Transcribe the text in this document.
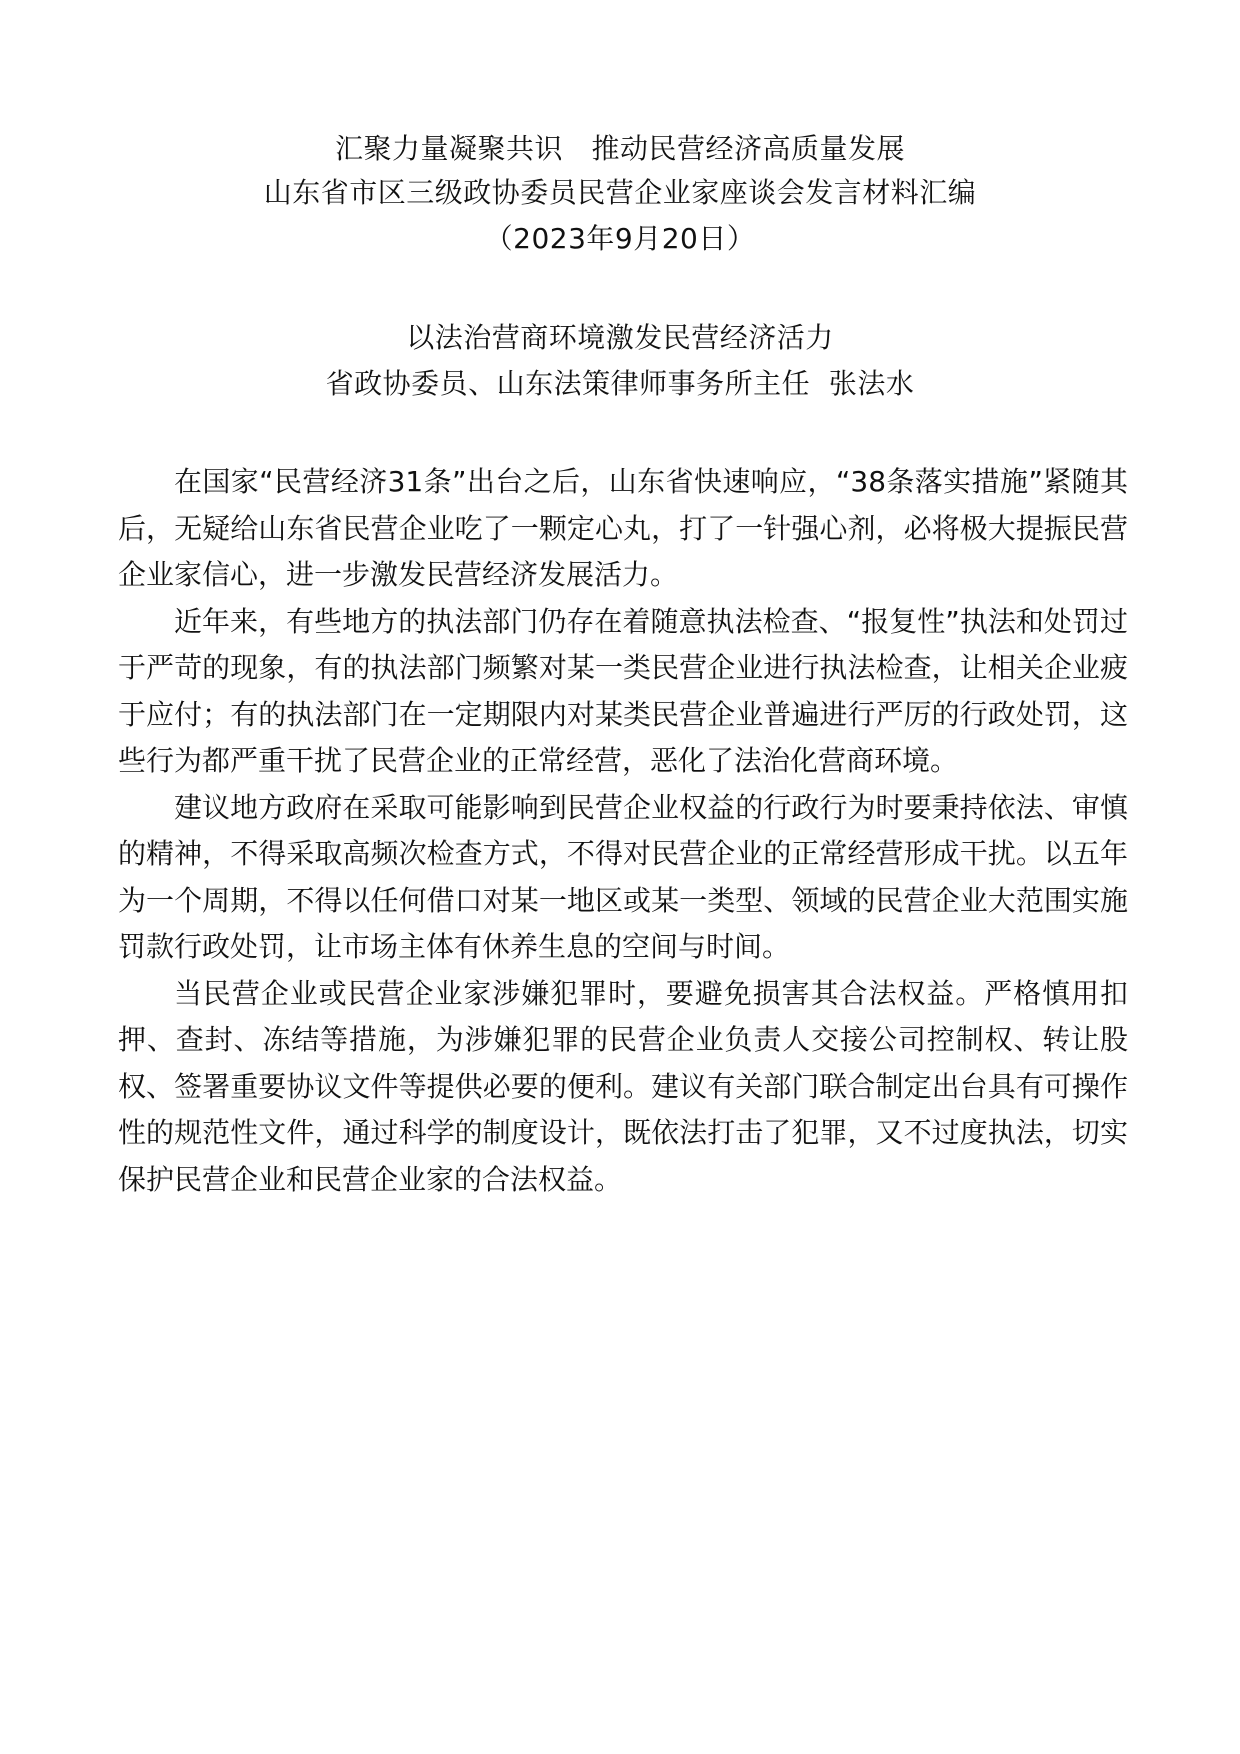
汇聚力量凝聚共识　推动民营经济高质量发展
山东省市区三级政协委员民营企业家座谈会发言材料汇编
（2023年9月20日）
以法治营商环境激发民营经济活力
省政协委员、山东法策律师事务所主任  张法水

在国家“民营经济31条”出台之后，山东省快速响应，“38条落实措施”紧随其后，无疑给山东省民营企业吃了一颗定心丸，打了一针强心剂，必将极大提振民营企业家信心，进一步激发民营经济发展活力。

近年来，有些地方的执法部门仍存在着随意执法检查、“报复性”执法和处罚过于严苛的现象，有的执法部门频繁对某一类民营企业进行执法检查，让相关企业疲于应付；有的执法部门在一定期限内对某类民营企业普遍进行严厉的行政处罚，这些行为都严重干扰了民营企业的正常经营，恶化了法治化营商环境。

建议地方政府在采取可能影响到民营企业权益的行政行为时要秉持依法、审慎的精神，不得采取高频次检查方式，不得对民营企业的正常经营形成干扰。以五年为一个周期，不得以任何借口对某一地区或某一类型、领域的民营企业大范围实施罚款行政处罚，让市场主体有休养生息的空间与时间。

当民营企业或民营企业家涉嫌犯罪时，要避免损害其合法权益。严格慎用扣押、查封、冻结等措施，为涉嫌犯罪的民营企业负责人交接公司控制权、转让股权、签署重要协议文件等提供必要的便利。建议有关部门联合制定出台具有可操作性的规范性文件，通过科学的制度设计，既依法打击了犯罪，又不过度执法，切实保护民营企业和民营企业家的合法权益。
